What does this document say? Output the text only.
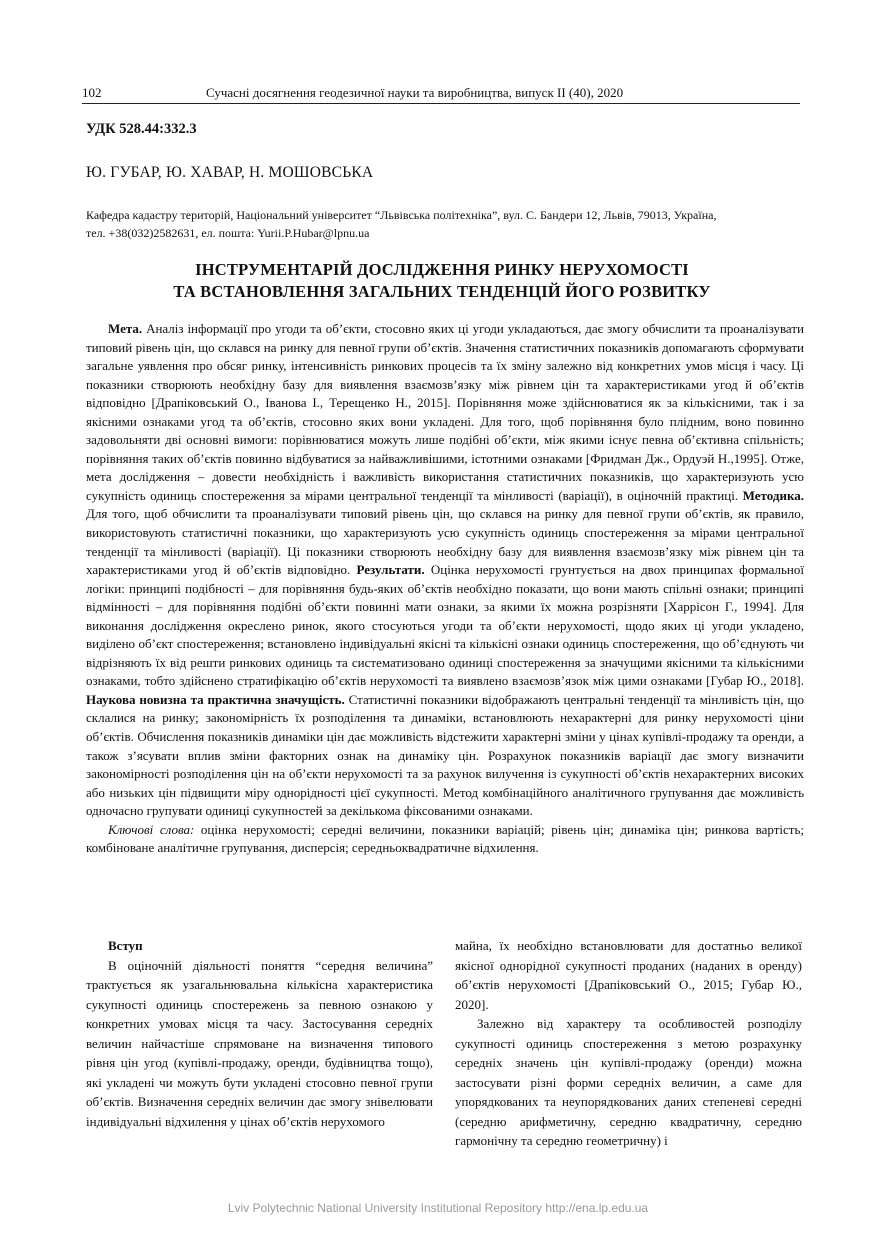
102	Сучасні досягнення геодезичної науки та виробництва, випуск II (40), 2020
УДК 528.44:332.3
Ю. ГУБАР, Ю. ХАВАР, Н. МОШОВСЬКА
Кафедра кадастру територій, Національний університет “Львівська політехніка”, вул. С. Бандери 12, Львів, 79013, Україна,
тел. +38(032)2582631, ел. пошта: Yurii.P.Hubar@lpnu.ua
ІНСТРУМЕНТАРІЙ ДОСЛІДЖЕННЯ РИНКУ НЕРУХОМОСТІ
ТА ВСТАНОВЛЕННЯ ЗАГАЛЬНИХ ТЕНДЕНЦІЙ ЙОГО РОЗВИТКУ

Мета. Аналіз інформації про угоди та об’єкти, стосовно яких ці угоди укладаються, дає змогу обчислити та проаналізувати типовий рівень цін, що склався на ринку для певної групи об’єктів. Значення статистичних показників допомагають сформувати загальне уявлення про обсяг ринку, інтенсивність ринкових процесів та їх зміну залежно від конкретних умов місця і часу. Ці показники створюють необхідну базу для виявлення взаємозв’язку між рівнем цін та характеристиками угод й об’єктів відповідно [Драпіковський О., Іванова І., Терещенко Н., 2015]. Порівняння може здійснюватися як за кількісними, так і за якісними ознаками угод та об’єктів, стосовно яких вони укладені. Для того, щоб порівняння було плідним, воно повинно задовольняти дві основні вимоги: порівнюватися можуть лише подібні об’єкти, між якими існує певна об’єктивна спільність; порівняння таких об’єктів повинно відбуватися за найважливішими, істотними ознаками [Фридман Дж., Ордуэй Н.,1995]. Отже, мета дослідження – довести необхідність і важливість використання статистичних показників, що характеризують усю сукупність одиниць спостереження за мірами центральної тенденції та мінливості (варіації), в оціночній практиці. Методика. Для того, щоб обчислити та проаналізувати типовий рівень цін, що склався на ринку для певної групи об’єктів, як правило, використовують статистичні показники, що характеризують усю сукупність одиниць спостереження за мірами центральної тенденції та мінливості (варіації). Ці показники створюють необхідну базу для виявлення взаємозв’язку між рівнем цін та характеристиками угод й об’єктів відповідно. Результати. Оцінка нерухомості грунтується на двох принципах формальної логіки: принципі подібності – для порівняння будь-яких об’єктів необхідно показати, що вони мають спільні ознаки; принципі відмінності – для порівняння подібні об’єкти повинні мати ознаки, за якими їх можна розрізняти [Харрісон Г., 1994]. Для виконання дослідження окреслено ринок, якого стосуються угоди та об’єкти нерухомості, щодо яких ці угоди укладено, виділено об’єкт спостереження; встановлено індивідуальні якісні та кількісні ознаки одиниць спостереження, що об’єднують чи відрізняють їх від решти ринкових одиниць та систематизовано одиниці спостереження за значущими якісними та кількісними ознаками, тобто здійснено стратифікацію об’єктів нерухомості та виявлено взаємозв’язок між цими ознаками [Губар Ю., 2018]. Наукова новизна та практична значущість. Статистичні показники відображають центральні тенденції та мінливість цін, що склалися на ринку; закономірність їх розподілення та динаміки, встановлюють нехарактерні для ринку нерухомості ціни об’єктів. Обчислення показників динаміки цін дає можливість відстежити характерні зміни у цінах купівлі-продажу та оренди, а також з’ясувати вплив зміни факторних ознак на динаміку цін. Розрахунок показників варіації дає змогу визначити закономірності розподілення цін на об’єкти нерухомості та за рахунок вилучення із сукупності об’єктів нехарактерних високих або низьких цін підвищити міру однорідності цієї сукупності. Метод комбінаційного аналітичного групування дає можливість одночасно групувати одиниці сукупностей за декількома фіксованими ознаками.

Ключові слова: оцінка нерухомості; середні величини, показники варіацій; рівень цін; динаміка цін; ринкова вартість; комбіноване аналітичне групування, дисперсія; середньоквадратичне відхилення.

Вступ

В оціночній діяльності поняття “середня величина” трактується як узагальнювальна кількісна характеристика сукупності одиниць спостережень за певною ознакою у конкретних умовах місця та часу. Застосування середніх величин найчастіше спрямоване на визначення типового рівня цін угод (купівлі-продажу, оренди, будівництва тощо), які укладені чи можуть бути укладені стосовно певної групи об’єктів. Визначення середніх величин дає змогу знівелювати індивідуальні відхилення у цінах об’єктів нерухомого

майна, їх необхідно встановлювати для достатньо великої якісної однорідної сукупності проданих (наданих в оренду) об’єктів нерухомості [Драпіковський О., 2015; Губар Ю., 2020].

Залежно від характеру та особливостей розподілу сукупності одиниць спостереження з метою розрахунку середніх значень цін купівлі-продажу (оренди) можна застосувати різні форми середніх величин, а саме для упорядкованих та неупорядкованих даних степеневі середні (середню арифметичну, середню квадратичну, середню гармонічну та середню геометричну) і

Lviv Polytechnic National University Institutional Repository http://ena.lp.edu.ua
